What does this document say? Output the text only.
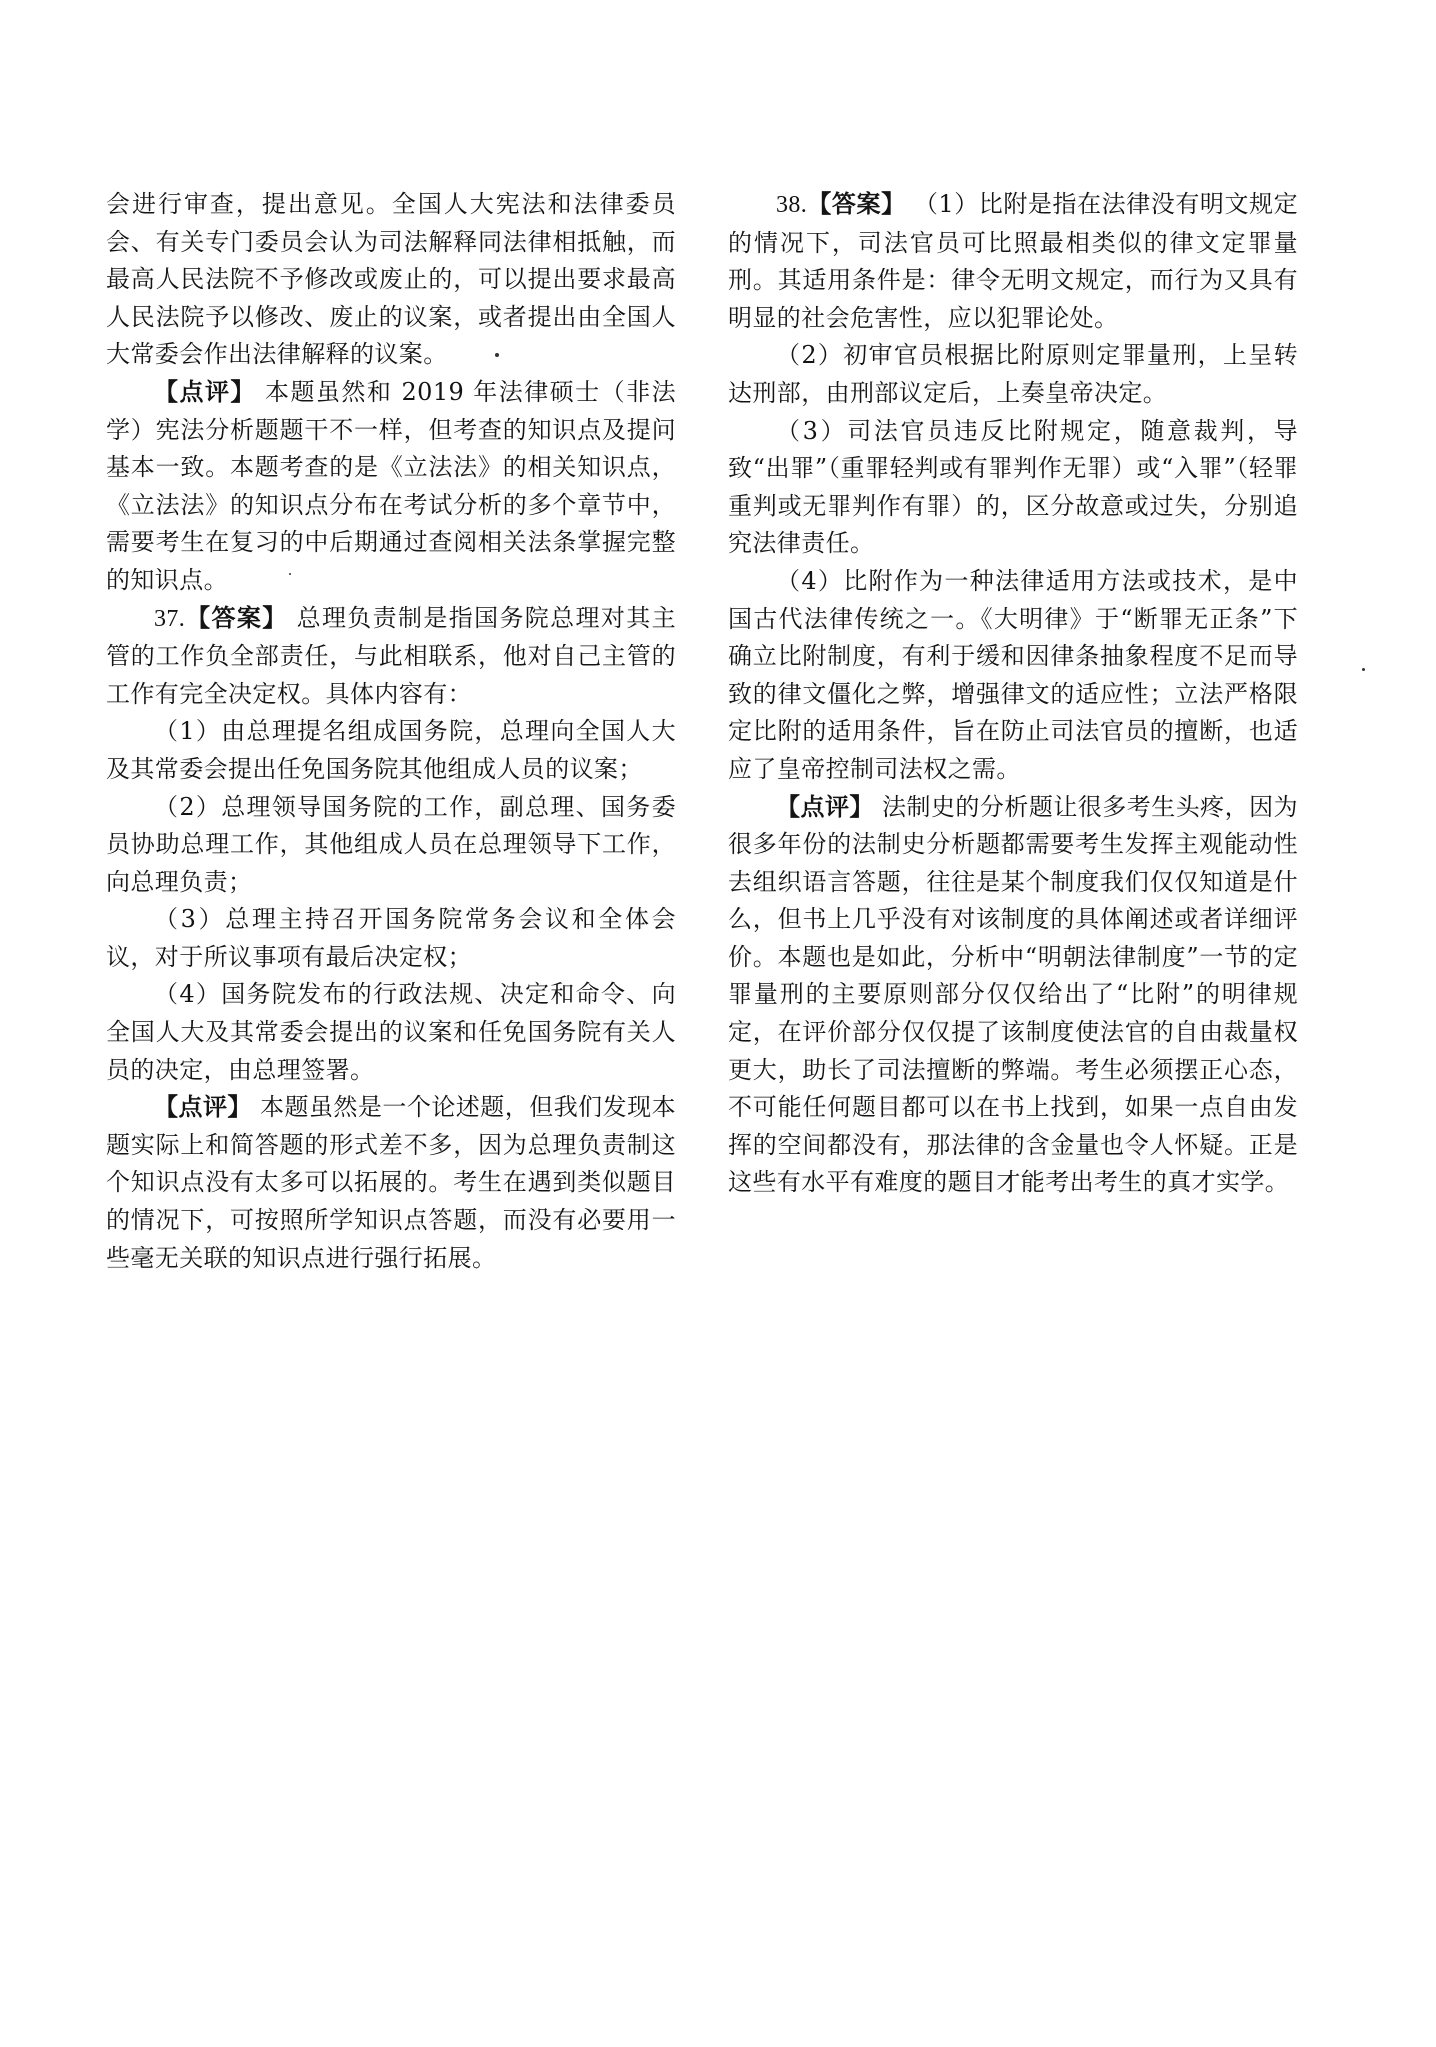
会进行审查，提出意见。全国人大宪法和法律委员会、有关专门委员会认为司法解释同法律相抵触，而最高人民法院不予修改或废止的，可以提出要求最高人民法院予以修改、废止的议案，或者提出由全国人大常委会作出法律解释的议案。

【点评】 本题虽然和 2019 年法律硕士（非法学）宪法分析题题干不一样，但考查的知识点及提问基本一致。本题考查的是《立法法》的相关知识点，《立法法》的知识点分布在考试分析的多个章节中，需要考生在复习的中后期通过查阅相关法条掌握完整的知识点。

37.【答案】 总理负责制是指国务院总理对其主管的工作负全部责任，与此相联系，他对自己主管的工作有完全决定权。具体内容有：

（1）由总理提名组成国务院，总理向全国人大及其常委会提出任免国务院其他组成人员的议案；

（2）总理领导国务院的工作，副总理、国务委员协助总理工作，其他组成人员在总理领导下工作，向总理负责；

（3）总理主持召开国务院常务会议和全体会议，对于所议事项有最后决定权；

（4）国务院发布的行政法规、决定和命令、向全国人大及其常委会提出的议案和任免国务院有关人员的决定，由总理签署。

【点评】 本题虽然是一个论述题，但我们发现本题实际上和简答题的形式差不多，因为总理负责制这个知识点没有太多可以拓展的。考生在遇到类似题目的情况下，可按照所学知识点答题，而没有必要用一些毫无关联的知识点进行强行拓展。

38.【答案】 （1）比附是指在法律没有明文规定的情况下，司法官员可比照最相类似的律文定罪量刑。其适用条件是：律令无明文规定，而行为又具有明显的社会危害性，应以犯罪论处。

（2）初审官员根据比附原则定罪量刑，上呈转达刑部，由刑部议定后，上奏皇帝决定。

（3）司法官员违反比附规定，随意裁判，导致“出罪”（重罪轻判或有罪判作无罪）或“入罪”（轻罪重判或无罪判作有罪）的，区分故意或过失，分别追究法律责任。

（4）比附作为一种法律适用方法或技术，是中国古代法律传统之一。《大明律》于“断罪无正条”下确立比附制度，有利于缓和因律条抽象程度不足而导致的律文僵化之弊，增强律文的适应性；立法严格限定比附的适用条件，旨在防止司法官员的擅断，也适应了皇帝控制司法权之需。

【点评】 法制史的分析题让很多考生头疼，因为很多年份的法制史分析题都需要考生发挥主观能动性去组织语言答题，往往是某个制度我们仅仅知道是什么，但书上几乎没有对该制度的具体阐述或者详细评价。本题也是如此，分析中“明朝法律制度”一节的定罪量刑的主要原则部分仅仅给出了“比附”的明律规定，在评价部分仅仅提了该制度使法官的自由裁量权更大，助长了司法擅断的弊端。考生必须摆正心态，不可能任何题目都可以在书上找到，如果一点自由发挥的空间都没有，那法律的含金量也令人怀疑。正是这些有水平有难度的题目才能考出考生的真才实学。
